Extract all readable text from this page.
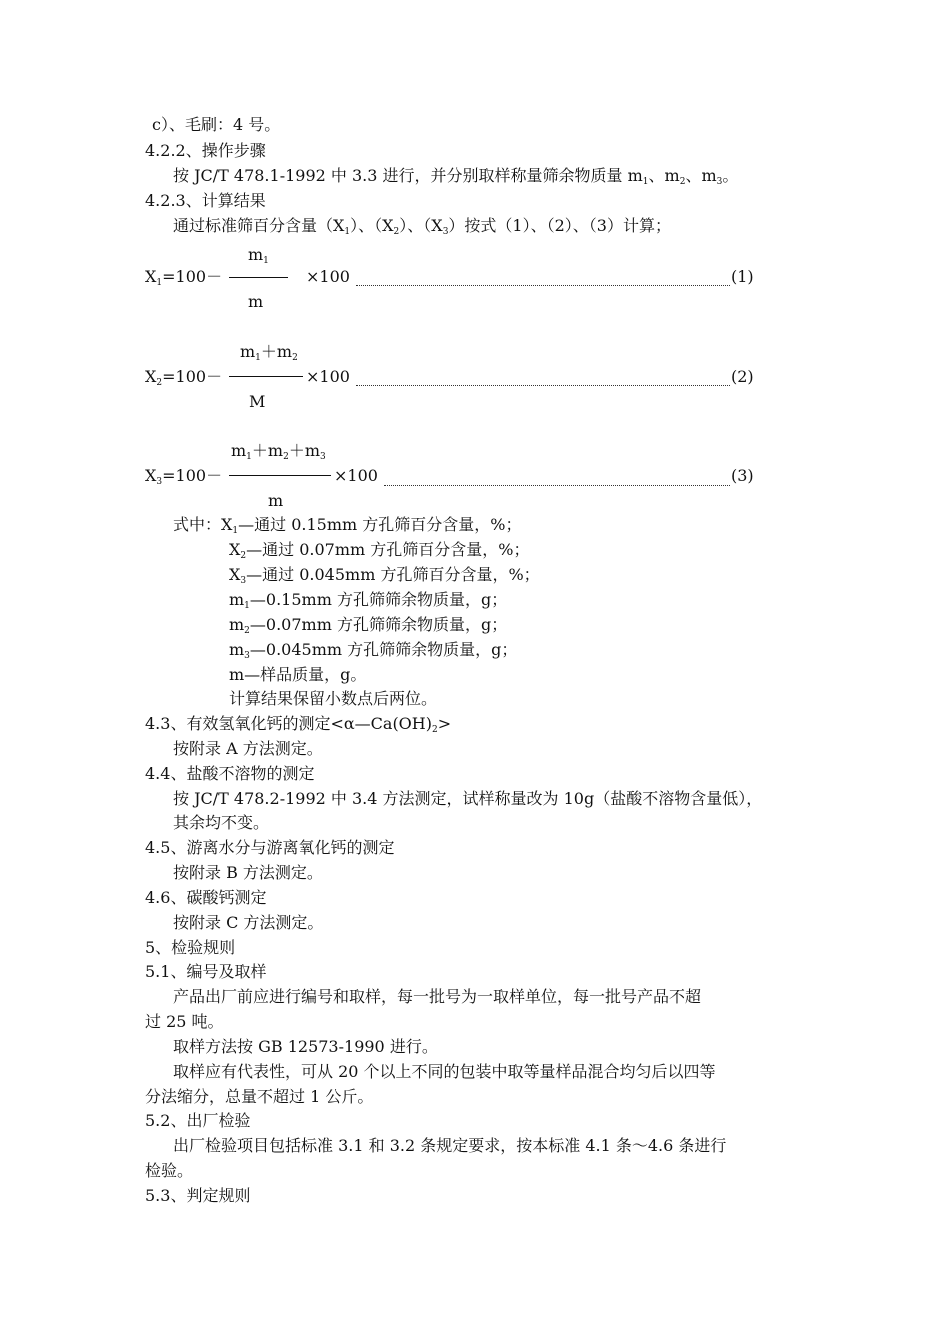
c）、毛刷：4 号。
4.2.2、操作步骤
按 JC/T 478.1-1992 中 3.3 进行，并分别取样称量筛余物质量 $m_1$、$m_2$、$m_3$。
4.2.3、计算结果
通过标准筛百分含量$(X_1)$、$(X_2)$、$(X_3)$按式（1）、（2）、（3）计算；
$m_1$
$X_1=100-$	×100	(1)
m
$m_1+m_2$
$X_2=100-$	×100	(2)
M
$m_1+m_2+m_3$
$X_3=100-$	×100	(3)
m
式中：$X_1—$通过 0.15mm 方孔筛百分含量，%；
$X_2—$通过 0.07mm 方孔筛百分含量，%；
$X_3—$通过 0.045mm 方孔筛百分含量，%；
$m_1—0.15mm$ 方孔筛筛余物质量，g；
$m_2—0.07mm$ 方孔筛筛余物质量，g；
$m_3—0.045mm$ 方孔筛筛余物质量，g；
m—样品质量，g。
计算结果保留小数点后两位。
4.3、有效氢氧化钙的测定$<\alpha—Ca(OH)_2>$
按附录 A 方法测定。
4.4、盐酸不溶物的测定
按 JC/T 478.2-1992 中 3.4 方法测定，试样称量改为 10g（盐酸不溶物含量低），
其余均不变。
4.5、游离水分与游离氧化钙的测定
按附录 B 方法测定。
4.6、碳酸钙测定
按附录 C 方法测定。
5、检验规则
5.1、编号及取样
产品出厂前应进行编号和取样，每一批号为一取样单位，每一批号产品不超
过 25 吨。
取样方法按 GB 12573-1990 进行。
取样应有代表性，可从 20 个以上不同的包装中取等量样品混合均匀后以四等
分法缩分，总量不超过 1 公斤。
5.2、出厂检验
出厂检验项目包括标准 3.1 和 3.2 条规定要求，按本标准 4.1 条～4.6 条进行
检验。
5.3、判定规则
